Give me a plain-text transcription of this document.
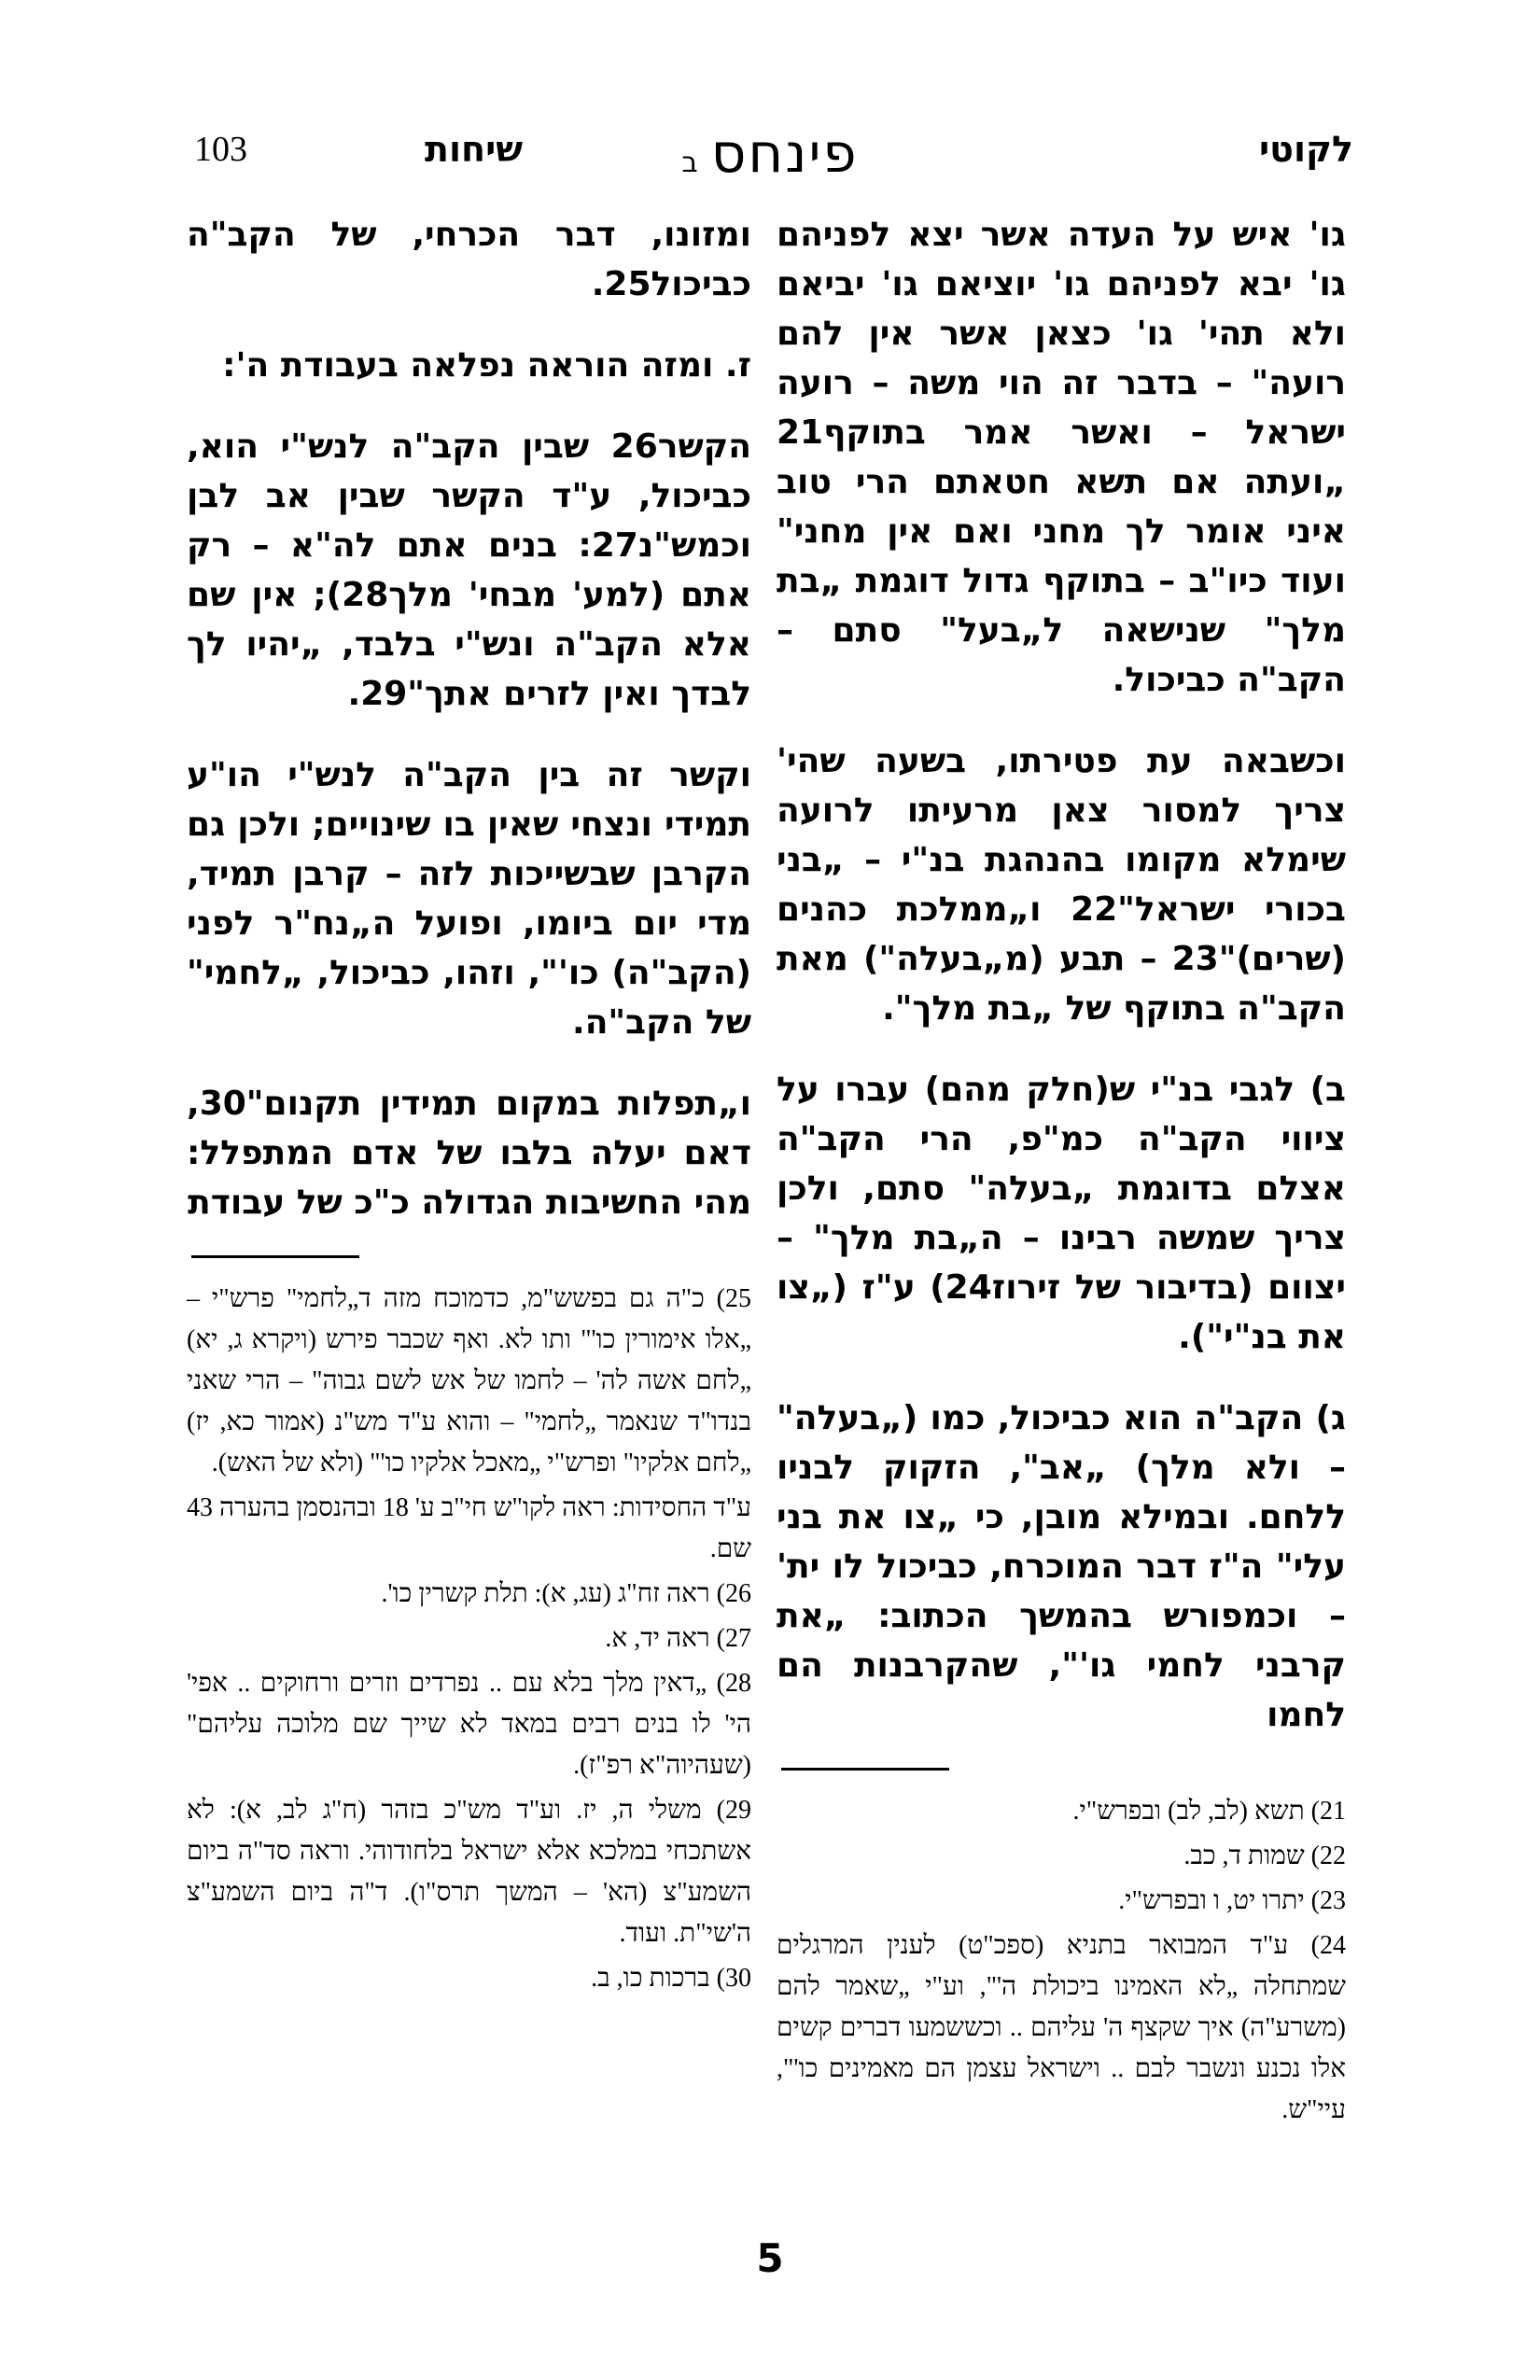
לקוטי
פינחסב
שיחות
103

גו' איש על העדה אשר יצא לפניהם גו' יבא לפניהם גו' יוציאם גו' יביאם ולא תהי' גו' כצאן אשר אין להם רועה" – בדבר זה הוי משה – רועה ישראל – ואשר אמר בתוקף21 „ועתה אם תשא חטאתם הרי טוב איני אומר לך מחני ואם אין מחני" ועוד כיו"ב – בתוקף גדול דוגמת „בת מלך" שנישאה ל„בעל" סתם – הקב"ה כביכול.

וכשבאה עת פטירתו, בשעה שהי' צריך למסור צאן מרעיתו לרועה שימלא מקומו בהנהגת בנ"י – „בני בכורי ישראל"22 ו„ממלכת כהנים (שרים)"23 – תבע (מ„בעלה") מאת הקב"ה בתוקף של „בת מלך".

ב) לגבי בנ"י ש(חלק מהם) עברו על ציווי הקב"ה כמ"פ, הרי הקב"ה אצלם בדוגמת „בעלה" סתם, ולכן צריך שמשה רבינו – ה„בת מלך" – יצוום (בדיבור של זירוז24) ע"ז („צו את בנ"י").

ג) הקב"ה הוא כביכול, כמו („בעלה" – ולא מלך) „אב", הזקוק לבניו ללחם. ובמילא מובן, כי „צו את בני עלי" ה"ז דבר המוכרח, כביכול לו ית' – וכמפורש בהמשך הכתוב: „את קרבני לחמי גו'", שהקרבנות הם לחמו

21) תשא (לב, לב) ובפרש"י.

22) שמות ד, כב.

23) יתרו יט, ו ובפרש"י.

24) ע"ד המבואר בתניא (ספכ"ט) לענין המרגלים שמתחלה „לא האמינו ביכולת ה'", וע"י „שאמר להם (משרע"ה) איך שקצף ה' עליהם .. וכששמעו דברים קשים אלו נכנע ונשבר לבם .. וישראל עצמן הם מאמינים כו'", עיי"ש.

ומזונו, דבר הכרחי, של הקב"ה כביכול25.

ז. ומזה הוראה נפלאה בעבודת ה':

הקשר26 שבין הקב"ה לנש"י הוא, כביכול, ע"ד הקשר שבין אב לבן וכמש"נ27: בנים אתם לה"א – רק אתם (למע' מבחי' מלך28); אין שם אלא הקב"ה ונש"י בלבד, „יהיו לך לבדך ואין לזרים אתך"29.

וקשר זה בין הקב"ה לנש"י הו"ע תמידי ונצחי שאין בו שינויים; ולכן גם הקרבן שבשייכות לזה – קרבן תמיד, מדי יום ביומו, ופועל ה„נח"ר לפני (הקב"ה) כו'", וזהו, כביכול, „לחמי" של הקב"ה.

ו„תפלות במקום תמידין תקנום"30, דאם יעלה בלבו של אדם המתפלל: מהי החשיבות הגדולה כ"כ של עבודת

25) כ"ה גם בפשש"מ, כדמוכח מזה ד„לחמי" פרש"י – „אלו אימורין כו'" ותו לא. ואף שכבר פירש (ויקרא ג, יא) „לחם אשה לה' – לחמו של אש לשם גבוה" – הרי שאני בנדו"ד שנאמר „לחמי" – והוא ע"ד מש"נ (אמור כא, יז) „לחם אלקיו" ופרש"י „מאכל אלקיו כו'" (ולא של האש).

ע"ד החסידות: ראה לקו"ש חי"ב ע' 18 ובהנסמן בהערה 43 שם.

26) ראה זח"ג (עג, א): תלת קשרין כו'.

27) ראה יד, א.

28) „דאין מלך בלא עם .. נפרדים וזרים ורחוקים .. אפי' הי' לו בנים רבים במאד לא שייך שם מלוכה עליהם" (שעהיוה"א רפ"ז).

29) משלי ה, יז. וע"ד מש"כ בזהר (ח"ג לב, א): לא אשתכחי במלכא אלא ישראל בלחודוהי. וראה סד"ה ביום השמע"צ (הא' – המשך תרס"ו). ד"ה ביום השמע"צ ה'שי"ת. ועוד.

30) ברכות כו, ב.

5
